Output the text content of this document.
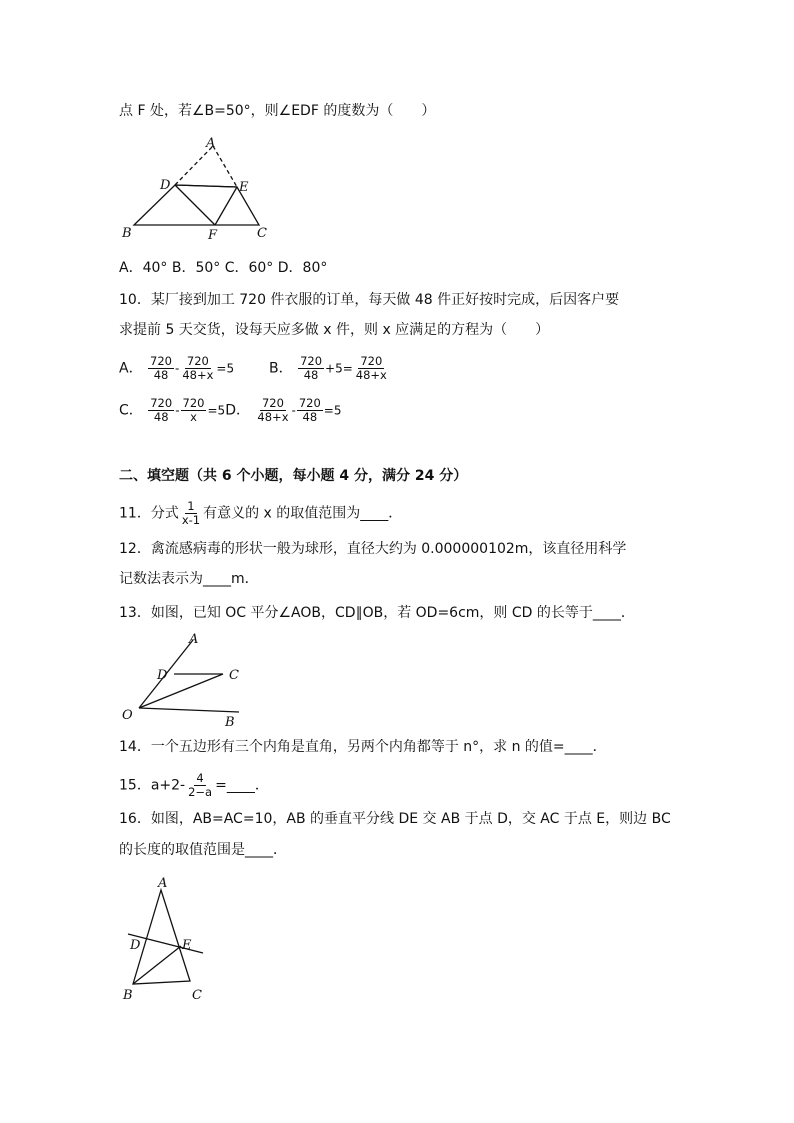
点 F 处，若∠B=50°，则∠EDF 的度数为（　　）
A
D	E
B	F	C
A．40° B．50° C．60° D．80°
10．某厂接到加工 720 件衣服的订单，每天做 48 件正好按时完成，后因客户要
求提前 5 天交货，设每天应多做 x 件，则 x 应满足的方程为（　　）
A． $\frac{720}{48} - \frac{720}{48+x} =5$ B． $\frac{720}{48} +5= \frac{720}{48+x}$
C． $\frac{720}{48} - \frac{720}{x} =5D$． $\frac{720}{48+x} - \frac{720}{48} =5$
二、填空题（共 6 个小题，每小题 4 分，满分 24 分）
11．分式 $\frac{1}{x-1}$ 有意义的 x 的取值范围为____．
12．禽流感病毒的形状一般为球形，直径大约为 0.000000102m，该直径用科学
记数法表示为____m．
13．如图，已知 OC 平分∠AOB，CD∥OB，若 OD=6cm，则 CD 的长等于____．
A
D	C
O	B
14．一个五边形有三个内角是直角，另两个内角都等于 n°，求 n 的值=____．
15．$a+2- \frac{4}{2-a}$ =____．
16．如图，AB=AC=10，AB 的垂直平分线 DE 交 AB 于点 D，交 AC 于点 E，则边 BC
的长度的取值范围是____．
A
D	E
B	C
